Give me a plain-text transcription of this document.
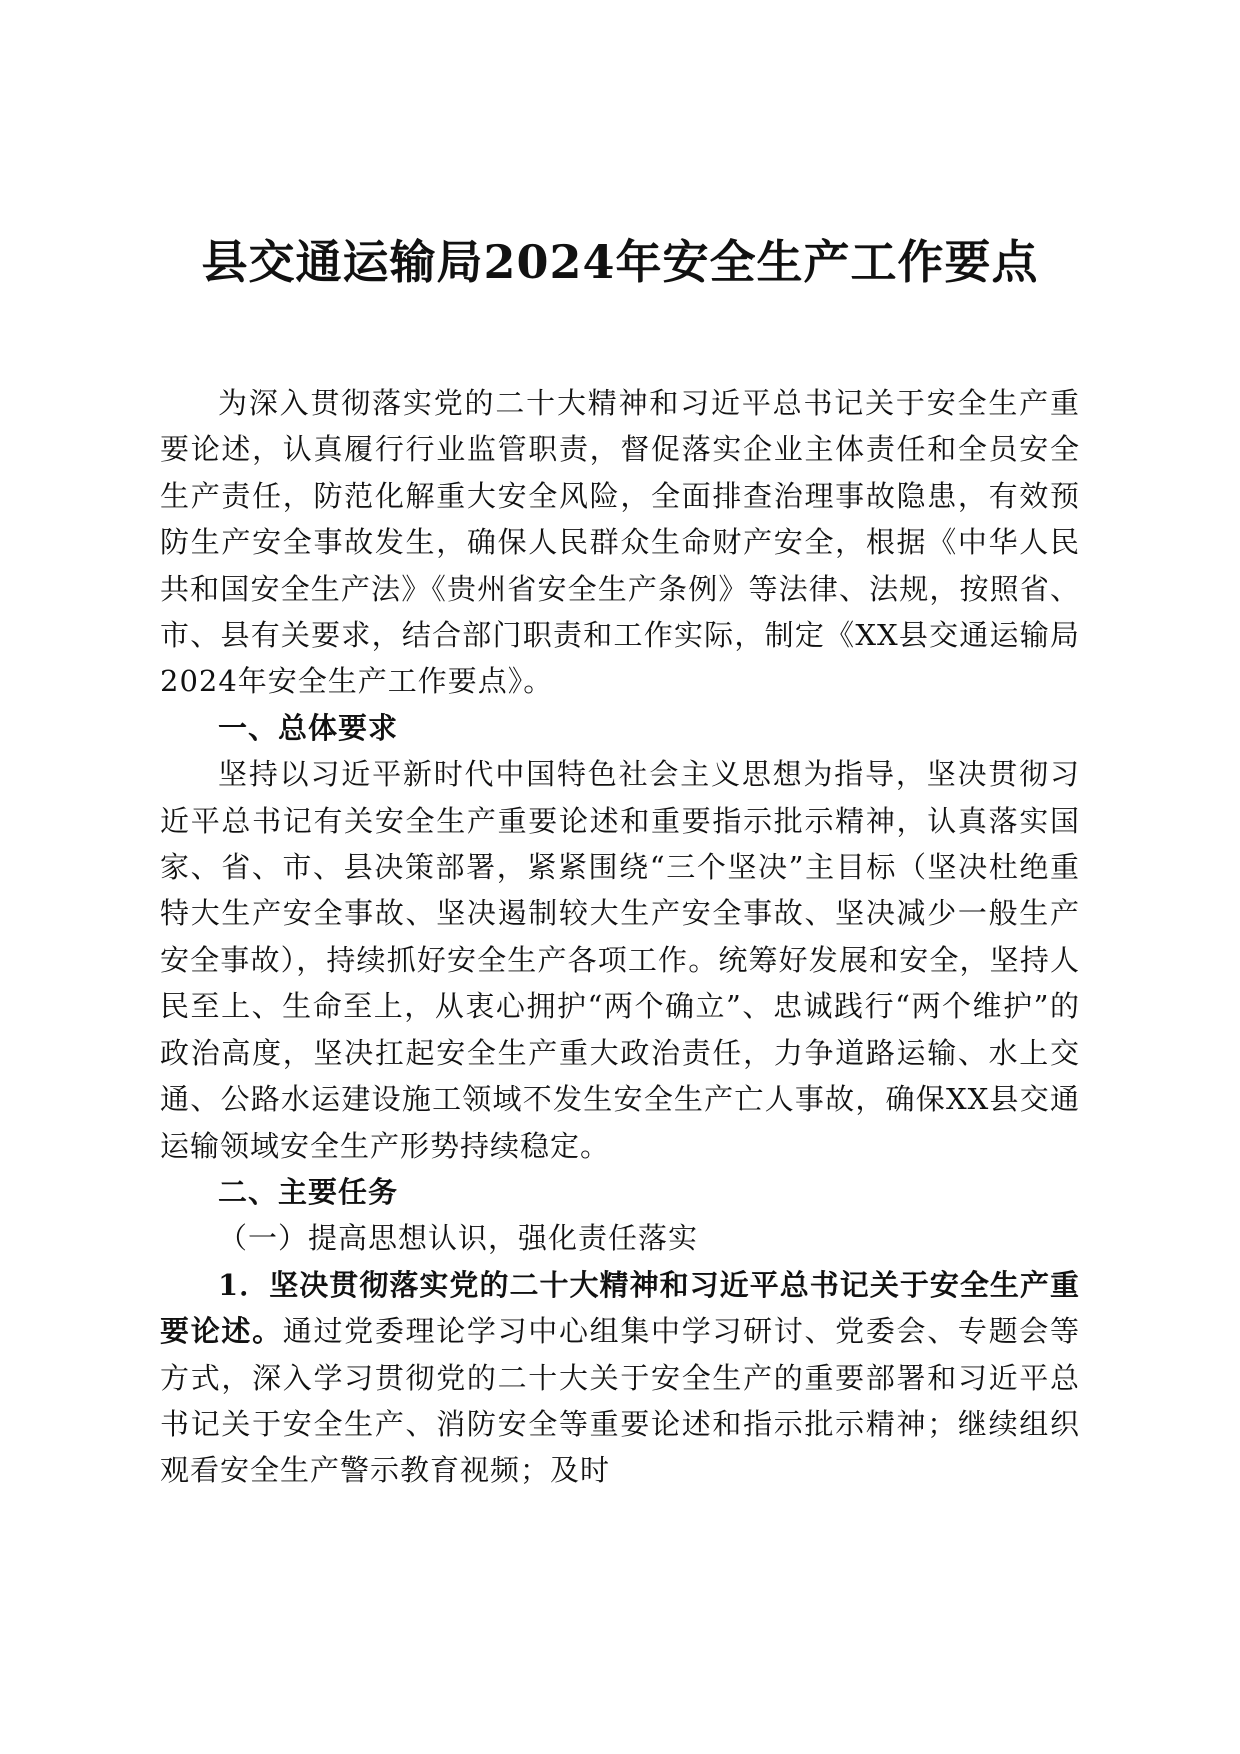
县交通运输局2024年安全生产工作要点

为深入贯彻落实党的二十大精神和习近平总书记关于安全生产重要论述，认真履行行业监管职责，督促落实企业主体责任和全员安全生产责任，防范化解重大安全风险，全面排查治理事故隐患，有效预防生产安全事故发生，确保人民群众生命财产安全，根据《中华人民共和国安全生产法》《贵州省安全生产条例》等法律、法规，按照省、市、县有关要求，结合部门职责和工作实际，制定《XX县交通运输局2024年安全生产工作要点》。

一、总体要求

坚持以习近平新时代中国特色社会主义思想为指导，坚决贯彻习近平总书记有关安全生产重要论述和重要指示批示精神，认真落实国家、省、市、县决策部署，紧紧围绕“三个坚决”主目标（坚决杜绝重特大生产安全事故、坚决遏制较大生产安全事故、坚决减少一般生产安全事故），持续抓好安全生产各项工作。统筹好发展和安全，坚持人民至上、生命至上，从衷心拥护“两个确立”、忠诚践行“两个维护”的政治高度，坚决扛起安全生产重大政治责任，力争道路运输、水上交通、公路水运建设施工领域不发生安全生产亡人事故，确保XX县交通运输领域安全生产形势持续稳定。

二、主要任务

（一）提高思想认识，强化责任落实

1．坚决贯彻落实党的二十大精神和习近平总书记关于安全生产重要论述。通过党委理论学习中心组集中学习研讨、党委会、专题会等方式，深入学习贯彻党的二十大关于安全生产的重要部署和习近平总书记关于安全生产、消防安全等重要论述和指示批示精神；继续组织观看安全生产警示教育视频；及时
